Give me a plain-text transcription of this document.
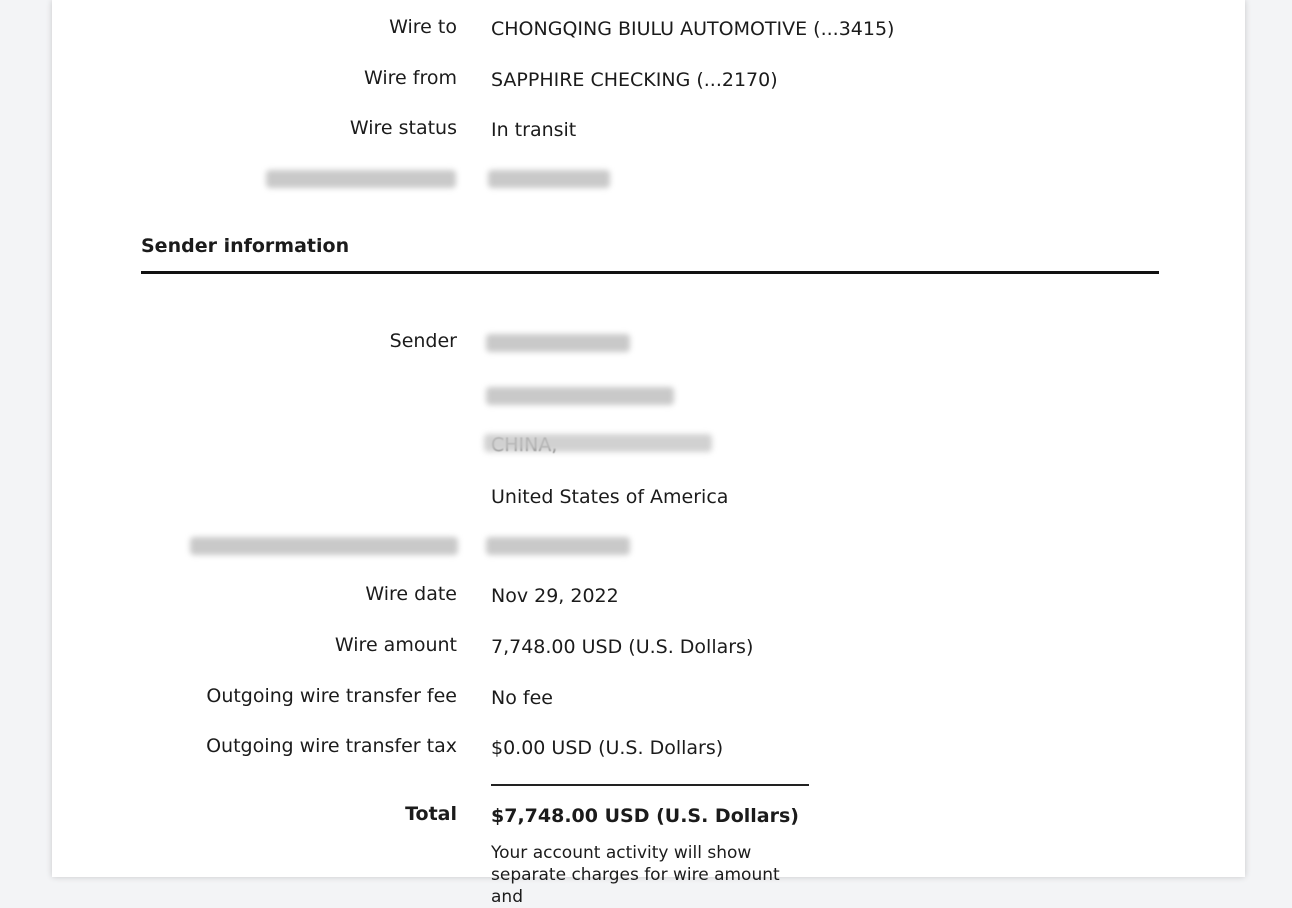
Wire to CHONGQING BIULU AUTOMOTIVE (...3415)
Wire from SAPPHIRE CHECKING (...2170)
Wire status In transit
Sender information
Sender
United States of America
Wire date Nov 29, 2022
Wire amount 7,748.00 USD (U.S. Dollars)
Outgoing wire transfer fee No fee
Outgoing wire transfer tax $0.00 USD (U.S. Dollars)
Total $7,748.00 USD (U.S. Dollars)
Your account activity will show separate charges for wire amount and
